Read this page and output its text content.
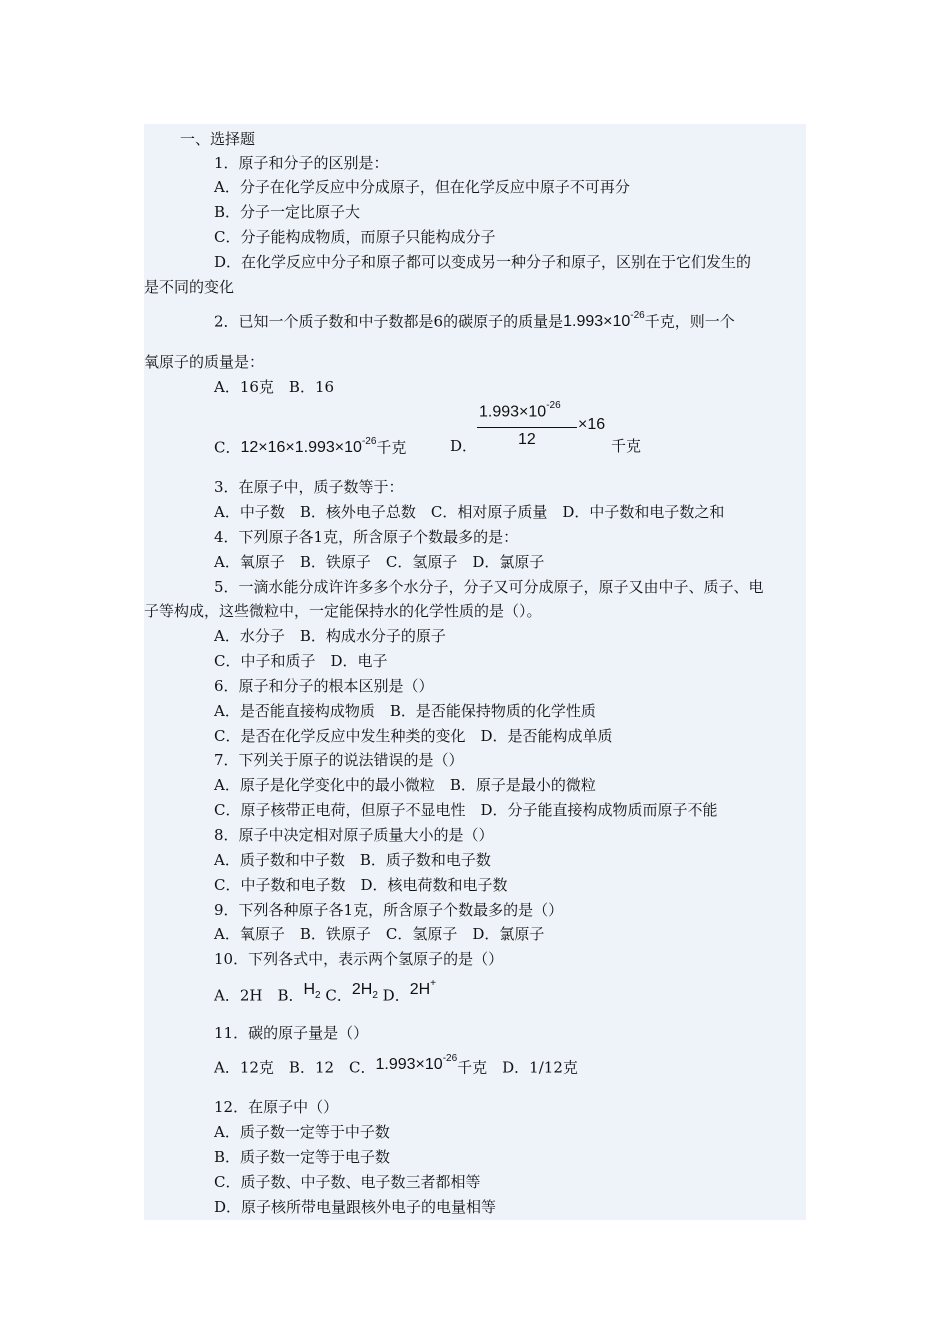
一、选择题
1．原子和分子的区别是：
A．分子在化学反应中分成原子，但在化学反应中原子不可再分
B．分子一定比原子大
C．分子能构成物质，而原子只能构成分子
D．在化学反应中分子和原子都可以变成另一种分子和原子，区别在于它们发生的
是不同的变化
2．已知一个质子数和中子数都是6的碳原子的质量是$1.993\times 10^{-26}$千克，则一个
氧原子的质量是：
A．16克　B．16
C．$12\times 16\times 1.993\times 10^{-26}$千克	D．
$1.993\times 10^{-26}$
12
×16
千克
3．在原子中，质子数等于：
A．中子数　B．核外电子总数　C．相对原子质量　D．中子数和电子数之和
4．下列原子各1克，所含原子个数最多的是：
A．氧原子　B．铁原子　C．氢原子　D．氯原子
5．一滴水能分成许许多多个水分子，分子又可分成原子，原子又由中子、质子、电
子等构成，这些微粒中，一定能保持水的化学性质的是（）。
A．水分子　B．构成水分子的原子
C．中子和质子　D．电子
6．原子和分子的根本区别是（）
A．是否能直接构成物质　B．是否能保持物质的化学性质
C．是否在化学反应中发生种类的变化　D．是否能构成单质
7．下列关于原子的说法错误的是（）
A．原子是化学变化中的最小微粒　B．原子是最小的微粒
C．原子核带正电荷，但原子不显电性　D．分子能直接构成物质而原子不能
8．原子中决定相对原子质量大小的是（）
A．质子数和中子数　B．质子数和电子数
C．中子数和电子数　D．核电荷数和电子数
9．下列各种原子各1克，所含原子个数最多的是（）
A．氧原子　B．铁原子　C．氢原子　D．氯原子
10．下列各式中，表示两个氢原子的是（）
A．2H　B．$H_2$ C．$2H_2$ D．2H+
11．碳的原子量是（）
A．12克　B．12　C．$1.993\times 10^{-26}$千克　D．1/12克
12．在原子中（）
A．质子数一定等于中子数
B．质子数一定等于电子数
C．质子数、中子数、电子数三者都相等
D．原子核所带电量跟核外电子的电量相等
